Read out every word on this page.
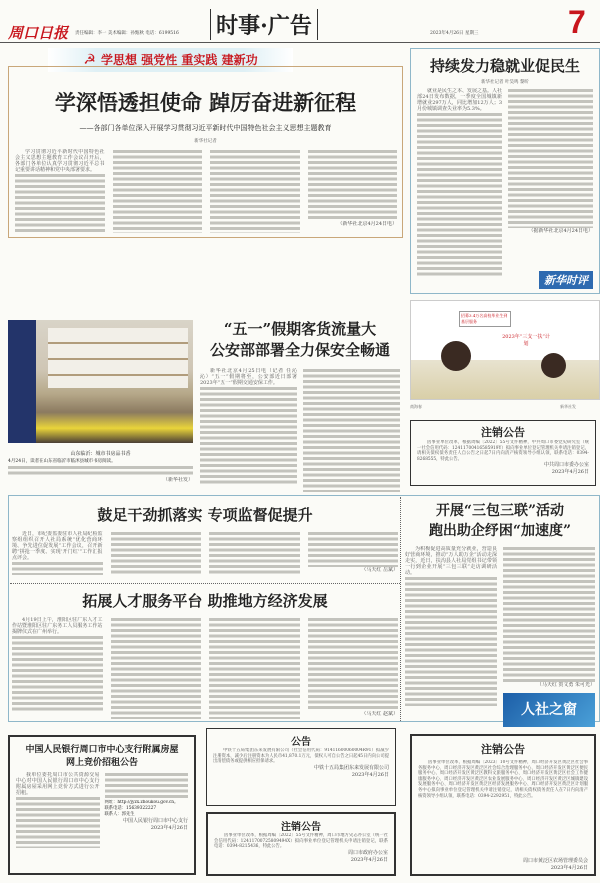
周口日报 责任编辑：李一 美术编辑：孙甄秋 电话：6199516 时事·广告	2023年4月26日 星期三	7
☭ 学思想 强党性 重实践 建新功
学深悟透担使命 踔厉奋进新征程
——各部门各单位深入开展学习贯彻习近平新时代中国特色社会主义思想主题教育
新华社记者

学习贯彻习近平新时代中国特色社会主义思想主题教育工作会议召开后，各部门各单位认真学习贯彻习近平总书记重要讲话精神和党中央部署要求。

（新华社北京4月24日电）
持续发力稳就业促民生
新华社记者 叶昊鸣 黎昕

就业是民生之本、发展之基。人社部24日发布数据，一季度全国城镇新增就业297万人，同比增加12万人；3月份城镇调查失业率为5.3%。

（据新华社北京4月24日电）
新华时评
山东临沂：城市书房品书香
4月24日，读者在山东省临沂市临沭县城市书房阅读。
（新华社发）
“五一”假期客货流量大
公安部部署全力保安全畅通

新华社北京4月25日电（记者 任沁沁）“五一”假期将至，公安部近日部署2023年“五一”假期交通安保工作。

招募3.4万名高校毕业生到基层服务
2023年“三支一扶”计划
商海春	新华社发
注销公告

因事业单位改革，根据周编〔2022〕55号文件精神，中共周口市委党史研究室（统一社会信用代码：12411700416585919Y）拟向事业单位登记管理机关申请注销登记，请相关债权债务责任人自公告之日起7日内向清产核资领导小组认领，联系电话：0394-8268555，特此公告。

中共周口市委办公室
2023年4月26日
鼓足干劲抓落实 专项监督促提升

近日，市纪委监委驻市人社局纪检监察组组织召开人社局系统“优化营商环境、争先进位促发展”工作会议，召开新聘“拼抢一季度、实现‘开门红’”工作汇报点评会。

（马天红 岳斌）
拓展人才服务平台 助推地方经济发展

4月19日上午，淮阳区驻广东人才工作站暨淮阳区驻广东务工人员服务工作站揭牌仪式在广州举行。

（马天红 赵斌）
开展“三包三联”活动
跑出助企纾困“加速度”

为积极促进高质量充分就业，营造良好营商环境，推动“万人助万企”活动走深走实，近日，扶沟县人社局党组书记带领一行到企业开展“三包三联”走访调研活动。

（马天红 贺文勇 朱可光）
人社之窗
中国人民银行周口市中心支行附属房屋
网上竞价招租公告

我单位委托周口市公共资源交易中心对中国人民银行周口市中心支行附属房屋采用网上竞价方式进行公开招租。

网址：http://jyzx.zhoukou.gov.cn。
联系电话：15639322227
联系人：郭先生
中国人民银行周口市中心支行
2023年4月26日
公告

中铁十五局集团东来发展有限公司（社会信用代码：91411600060004R91）拟减少注册资本，减少后注册资本为人民币41,870.1万元，债权人可自公告之日起45日内向公司提出清偿债务或提供相应担保请求。

中铁十五局集团东来发展有限公司
2023年4月26日
注销公告

因事业单位改革，根据周编〔2022〕55号文件精神，周口市地方史志办公室（统一社会信用代码：12411700725809494X）拟向事业单位登记管理机关申请注销登记，联系电话：0394-8215436，特此公告。

周口市政府办公室
2023年4月26日
注销公告

因事业单位改革，根据周编〔2023〕10号文件精神，周口经济开发区黄泛区社会事务服务中心、周口经济开发区黄泛区社会综合治理服务中心、周口经济开发区黄泛区便民服务中心、周口经济开发区黄泛区教科文旅服务中心、周口经济开发区黄泛区社会工作健康服务中心、周口经济开发区黄泛区农业发展服务中心、周口经济开发区黄泛区城镇建设发展服务中心、周口经济开发区黄泛区经济发展服务中心、周口经济开发区黄泛区计划服务中心拟向事业单位登记管理机关申请注销登记，请相关债权债务责任人在7日内向清产核资领导小组认领，联系电话：0394-2292951，特此公告。

周口市黄泛区农场管理委员会
2023年4月26日
